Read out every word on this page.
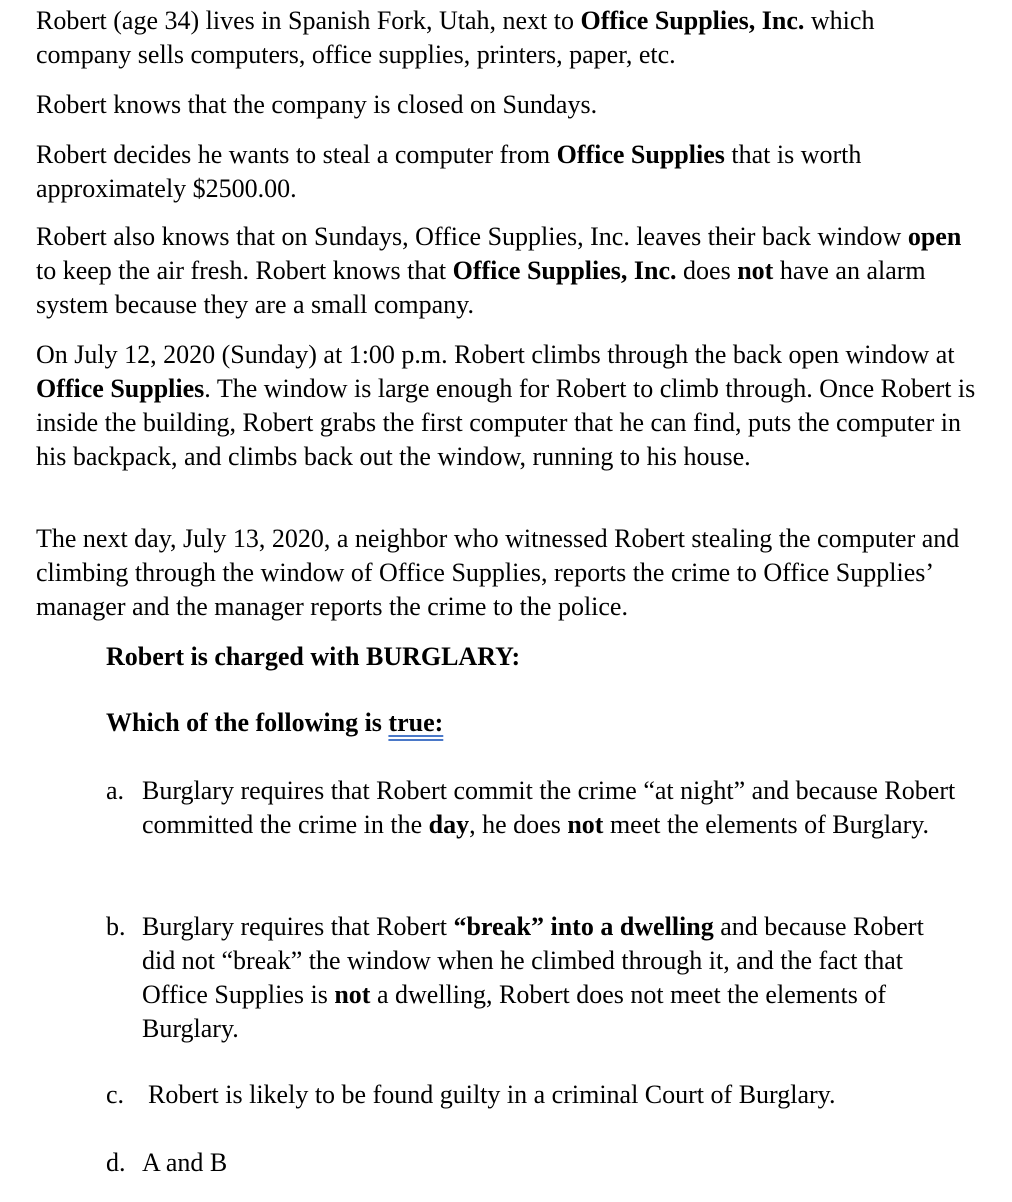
Robert (age 34) lives in Spanish Fork, Utah, next to Office Supplies, Inc. which company sells computers, office supplies, printers, paper, etc.

Robert knows that the company is closed on Sundays.

Robert decides he wants to steal a computer from Office Supplies that is worth approximately $2500.00.

Robert also knows that on Sundays, Office Supplies, Inc. leaves their back window open to keep the air fresh. Robert knows that Office Supplies, Inc. does not have an alarm system because they are a small company.

On July 12, 2020 (Sunday) at 1:00 p.m. Robert climbs through the back open window at Office Supplies. The window is large enough for Robert to climb through. Once Robert is inside the building, Robert grabs the first computer that he can find, puts the computer in his backpack, and climbs back out the window, running to his house.

The next day, July 13, 2020, a neighbor who witnessed Robert stealing the computer and climbing through the window of Office Supplies, reports the crime to Office Supplies’ manager and the manager reports the crime to the police.

Robert is charged with BURGLARY:

Which of the following is true:

a. Burglary requires that Robert commit the crime “at night” and because Robert committed the crime in the day, he does not meet the elements of Burglary.
b. Burglary requires that Robert “break” into a dwelling and because Robert did not “break” the window when he climbed through it, and the fact that Office Supplies is not a dwelling, Robert does not meet the elements of Burglary.
c. Robert is likely to be found guilty in a criminal Court of Burglary.
d. A and B
